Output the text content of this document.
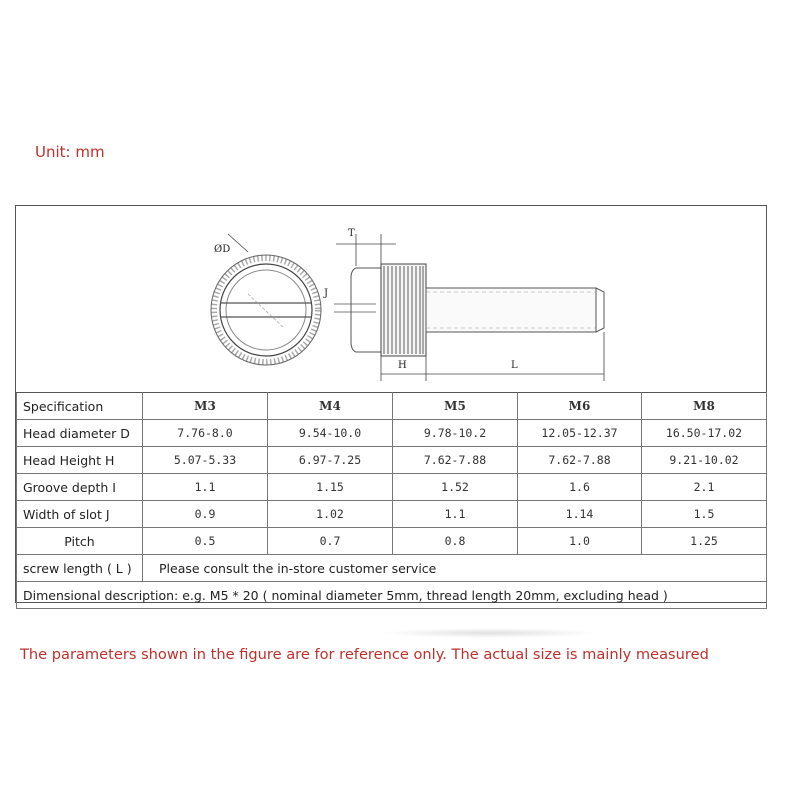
Unit: mm
ØD
J
T
H	L
Specification	M3	M4	M5	M6	M8
Head diameter D	7.76-8.0	9.54-10.0	9.78-10.2	12.05-12.37	16.50-17.02
Head Height H	5.07-5.33	6.97-7.25	7.62-7.88	7.62-7.88	9.21-10.02
Groove depth I	1.1	1.15	1.52	1.6	2.1
Width of slot J	0.9	1.02	1.1	1.14	1.5
Pitch	0.5	0.7	0.8	1.0	1.25
screw length ( L )	Please consult the in-store customer service				
Dimensional description: e.g. M5 * 20 ( nominal diameter 5mm, thread length 20mm, excluding head )					
The parameters shown in the figure are for reference only. The actual size is mainly measured
